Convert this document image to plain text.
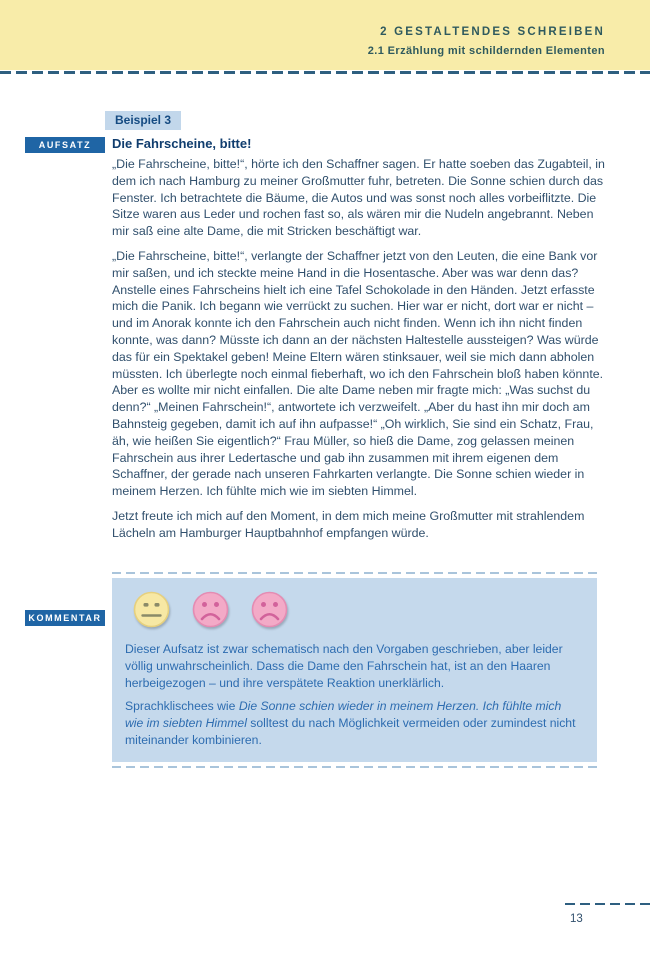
2 GESTALTENDES SCHREIBEN
2.1 Erzählung mit schildernden Elementen
Beispiel 3
AUFSATZ	Die Fahrscheine, bitte!

„Die Fahrscheine, bitte!“, hörte ich den Schaffner sagen. Er hatte soeben das Zugabteil, in dem ich nach Hamburg zu meiner Großmutter fuhr, betreten. Die Sonne schien durch das Fenster. Ich betrachtete die Bäume, die Autos und was sonst noch alles vorbeiflitzte. Die Sitze waren aus Leder und rochen fast so, als wären mir die Nudeln angebrannt. Neben mir saß eine alte Dame, die mit Stricken beschäftigt war.

„Die Fahrscheine, bitte!“, verlangte der Schaffner jetzt von den Leuten, die eine Bank vor mir saßen, und ich steckte meine Hand in die Hosentasche. Aber was war denn das? Anstelle eines Fahrscheins hielt ich eine Tafel Schokolade in den Händen. Jetzt erfasste mich die Panik. Ich begann wie verrückt zu suchen. Hier war er nicht, dort war er nicht – und im Anorak konnte ich den Fahrschein auch nicht finden. Wenn ich ihn nicht finden konnte, was dann? Müsste ich dann an der nächsten Haltestelle aussteigen? Was würde das für ein Spektakel geben! Meine Eltern wären stinksauer, weil sie mich dann abholen müssten. Ich überlegte noch einmal fieberhaft, wo ich den Fahrschein bloß haben könnte. Aber es wollte mir nicht einfallen. Die alte Dame neben mir fragte mich: „Was suchst du denn?“ „Meinen Fahrschein!“, antwortete ich verzweifelt. „Aber du hast ihn mir doch am Bahnsteig gegeben, damit ich auf ihn aufpasse!“ „Oh wirklich, Sie sind ein Schatz, Frau, äh, wie heißen Sie eigentlich?“ Frau Müller, so hieß die Dame, zog gelassen meinen Fahrschein aus ihrer Ledertasche und gab ihn zusammen mit ihrem eigenen dem Schaffner, der gerade nach unseren Fahrkarten verlangte. Die Sonne schien wieder in meinem Herzen. Ich fühlte mich wie im siebten Himmel.

Jetzt freute ich mich auf den Moment, in dem mich meine Großmutter mit strahlendem Lächeln am Hamburger Hauptbahnhof empfangen würde.

KOMMENTAR

Dieser Aufsatz ist zwar schematisch nach den Vorgaben geschrieben, aber leider völlig unwahrscheinlich. Dass die Dame den Fahrschein hat, ist an den Haaren herbeigezogen – und ihre verspätete Reaktion unerklärlich.

Sprachklischees wie Die Sonne schien wieder in meinem Herzen. Ich fühlte mich wie im siebten Himmel solltest du nach Möglichkeit vermeiden oder zumindest nicht miteinander kombinieren.

13
